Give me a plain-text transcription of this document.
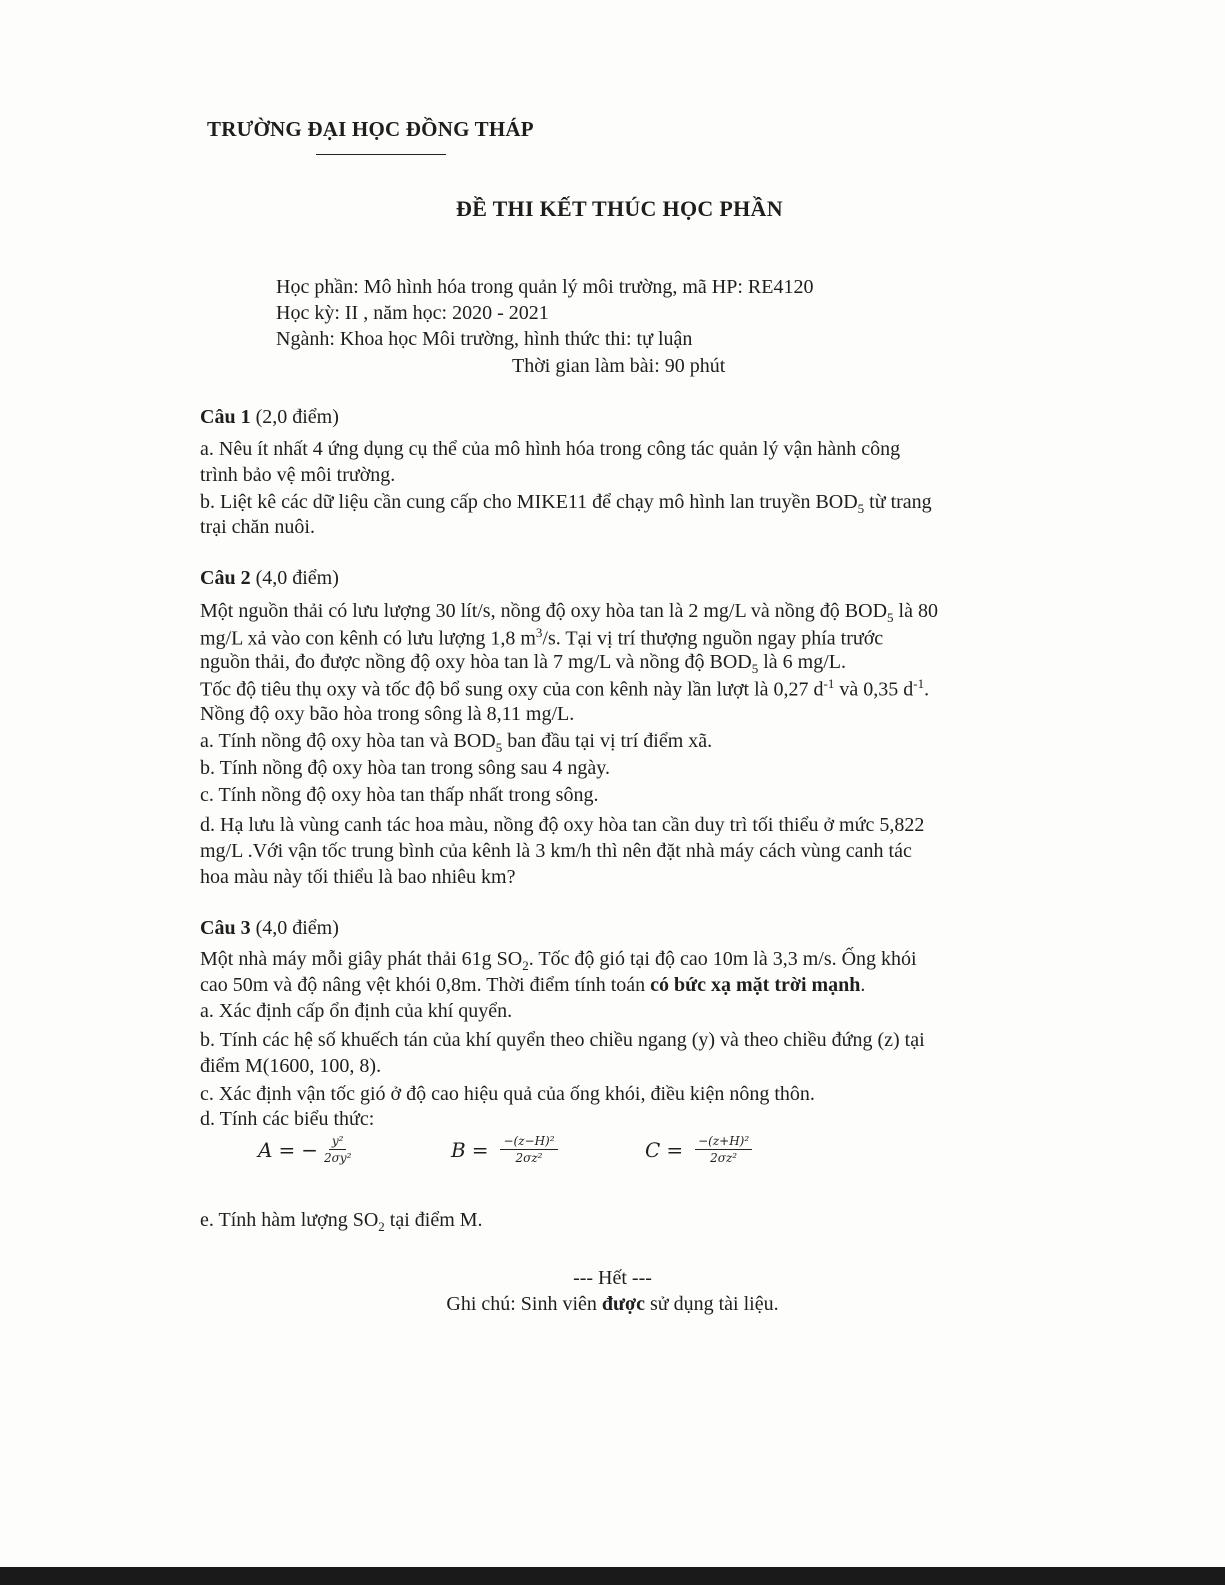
TRƯỜNG ĐẠI HỌC ĐỒNG THÁP
ĐỀ THI KẾT THÚC HỌC PHẦN
Học phần: Mô hình hóa trong quản lý môi trường, mã HP: RE4120
Học kỳ: II , năm học: 2020 - 2021
Ngành: Khoa học Môi trường, hình thức thi: tự luận
Thời gian làm bài: 90 phút
Câu 1 (2,0 điểm)
a. Nêu ít nhất 4 ứng dụng cụ thể của mô hình hóa trong công tác quản lý vận hành công
trình bảo vệ môi trường.
b. Liệt kê các dữ liệu cần cung cấp cho MIKE11 để chạy mô hình lan truyền $BOD_5$ từ trang
trại chăn nuôi.
Câu 2 (4,0 điểm)
Một nguồn thải có lưu lượng 30 lít/s, nồng độ oxy hòa tan là 2 mg/L và nồng độ $BOD_5$ là 80
mg/L xả vào con kênh có lưu lượng 1,8 $m^3/s$. Tại vị trí thượng nguồn ngay phía trước
nguồn thải, đo được nồng độ oxy hòa tan là 7 mg/L và nồng độ $BOD_5$ là 6 mg/L.
Tốc độ tiêu thụ oxy và tốc độ bổ sung oxy của con kênh này lần lượt là 0,27 $d^{-1}$ và 0,35 $d^{-1}$.
Nồng độ oxy bão hòa trong sông là 8,11 mg/L.
a. Tính nồng độ oxy hòa tan và $BOD_5$ ban đầu tại vị trí điểm xã.
b. Tính nồng độ oxy hòa tan trong sông sau 4 ngày.
c. Tính nồng độ oxy hòa tan thấp nhất trong sông.
d. Hạ lưu là vùng canh tác hoa màu, nồng độ oxy hòa tan cần duy trì tối thiểu ở mức 5,822
mg/L .Với vận tốc trung bình của kênh là 3 km/h thì nên đặt nhà máy cách vùng canh tác
hoa màu này tối thiểu là bao nhiêu km?
Câu 3 (4,0 điểm)
Một nhà máy mỗi giây phát thải 61g $SO_2$. Tốc độ gió tại độ cao 10m là 3,3 m/s. Ống khói
cao 50m và độ nâng vệt khói 0,8m. Thời điểm tính toán có bức xạ mặt trời mạnh.
a. Xác định cấp ổn định của khí quyển.
b. Tính các hệ số khuếch tán của khí quyển theo chiều ngang (y) và theo chiều đứng (z) tại
điểm M(1600, 100, 8).
c. Xác định vận tốc gió ở độ cao hiệu quả của ống khói, điều kiện nông thôn.
d. Tính các biểu thức:
A = − $\frac{\text{y²}}{\text{2σy²}}$	$B = \frac{\text{−(z−H)²}}{\text{2σz²}}$	$C = \frac{\text{−(z+H)²}}{\text{2σz²}}$
e. Tính hàm lượng $SO_2$ tại điểm M.
--- Hết ---
Ghi chú: Sinh viên được sử dụng tài liệu.
